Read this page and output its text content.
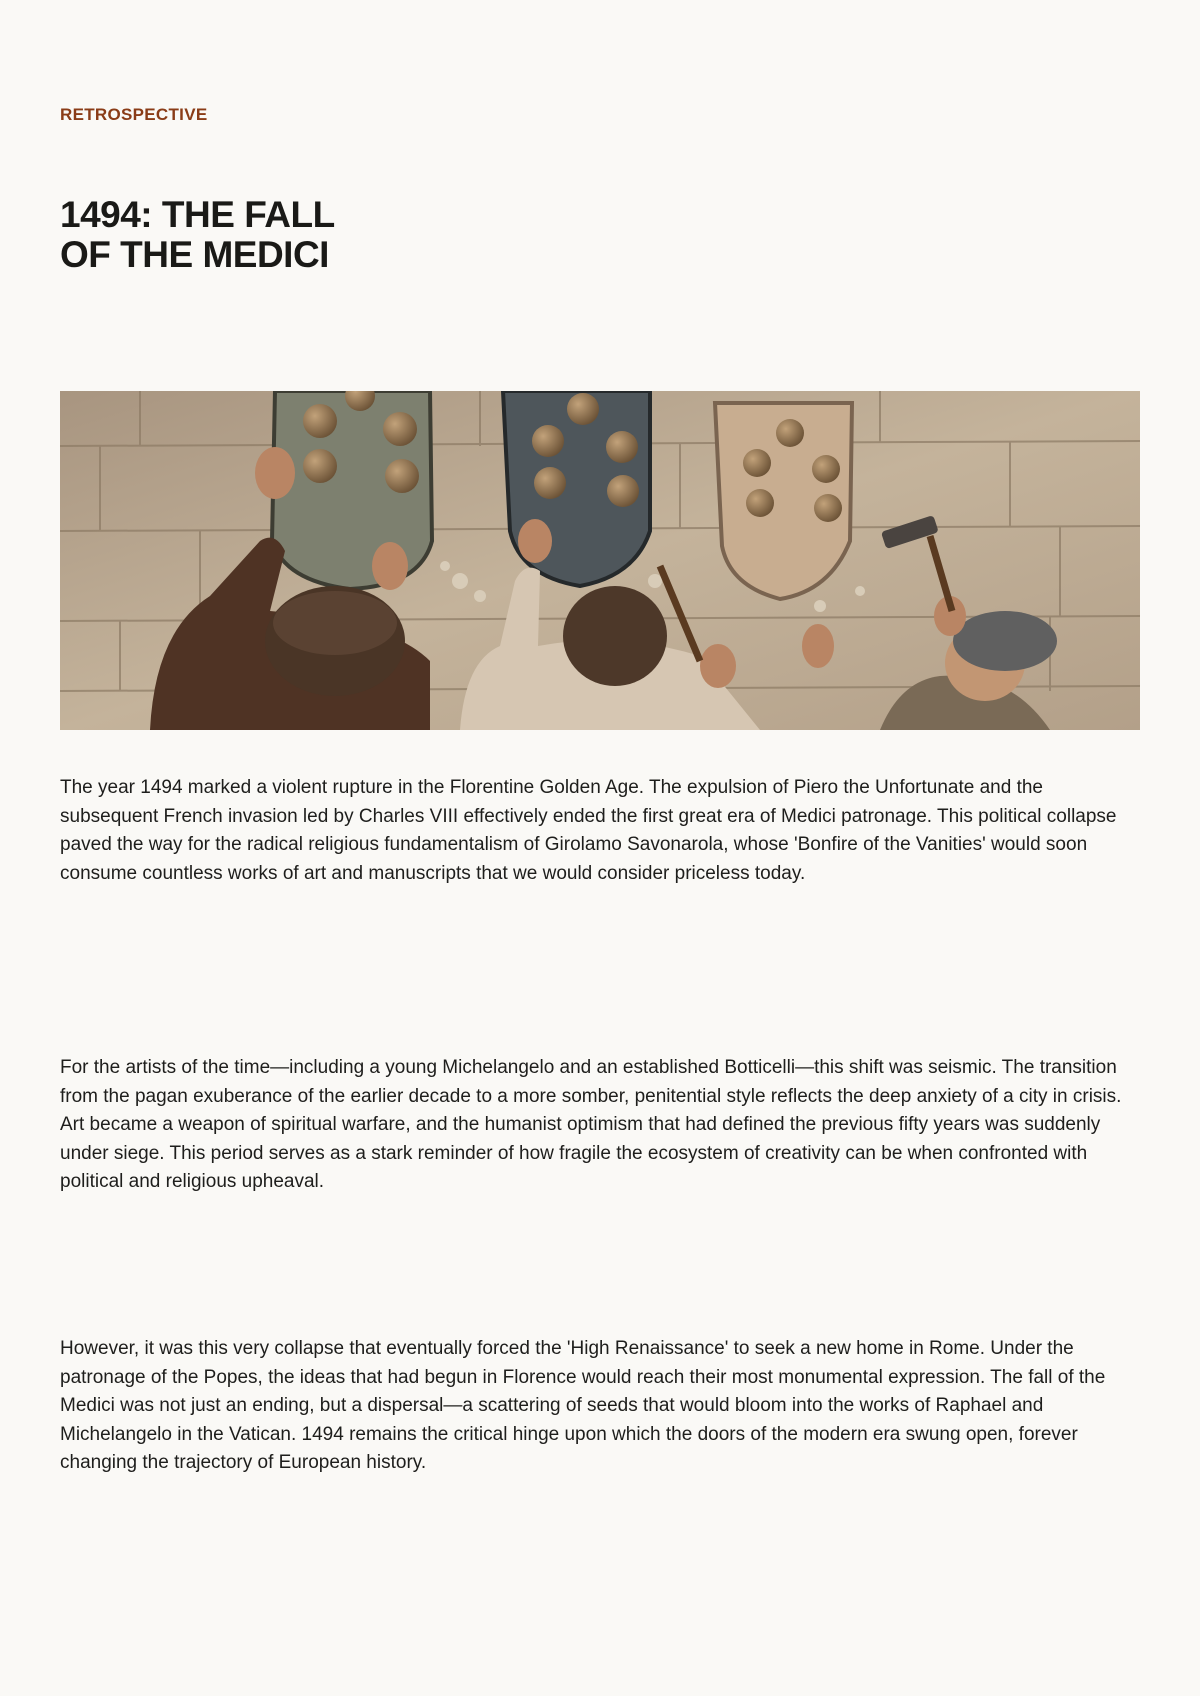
RETROSPECTIVE

1494: THE FALL
OF THE MEDICI

The year 1494 marked a violent rupture in the Florentine Golden Age. The expulsion of Piero the Unfortunate and the subsequent French invasion led by Charles VIII effectively ended the first great era of Medici patronage. This political collapse paved the way for the radical religious fundamentalism of Girolamo Savonarola, whose 'Bonfire of the Vanities' would soon consume countless works of art and manuscripts that we would consider priceless today.

For the artists of the time—including a young Michelangelo and an established Botticelli—this shift was seismic. The transition from the pagan exuberance of the earlier decade to a more somber, penitential style reflects the deep anxiety of a city in crisis. Art became a weapon of spiritual warfare, and the humanist optimism that had defined the previous fifty years was suddenly under siege. This period serves as a stark reminder of how fragile the ecosystem of creativity can be when confronted with political and religious upheaval.

However, it was this very collapse that eventually forced the 'High Renaissance' to seek a new home in Rome. Under the patronage of the Popes, the ideas that had begun in Florence would reach their most monumental expression. The fall of the Medici was not just an ending, but a dispersal—a scattering of seeds that would bloom into the works of Raphael and Michelangelo in the Vatican. 1494 remains the critical hinge upon which the doors of the modern era swung open, forever changing the trajectory of European history.
